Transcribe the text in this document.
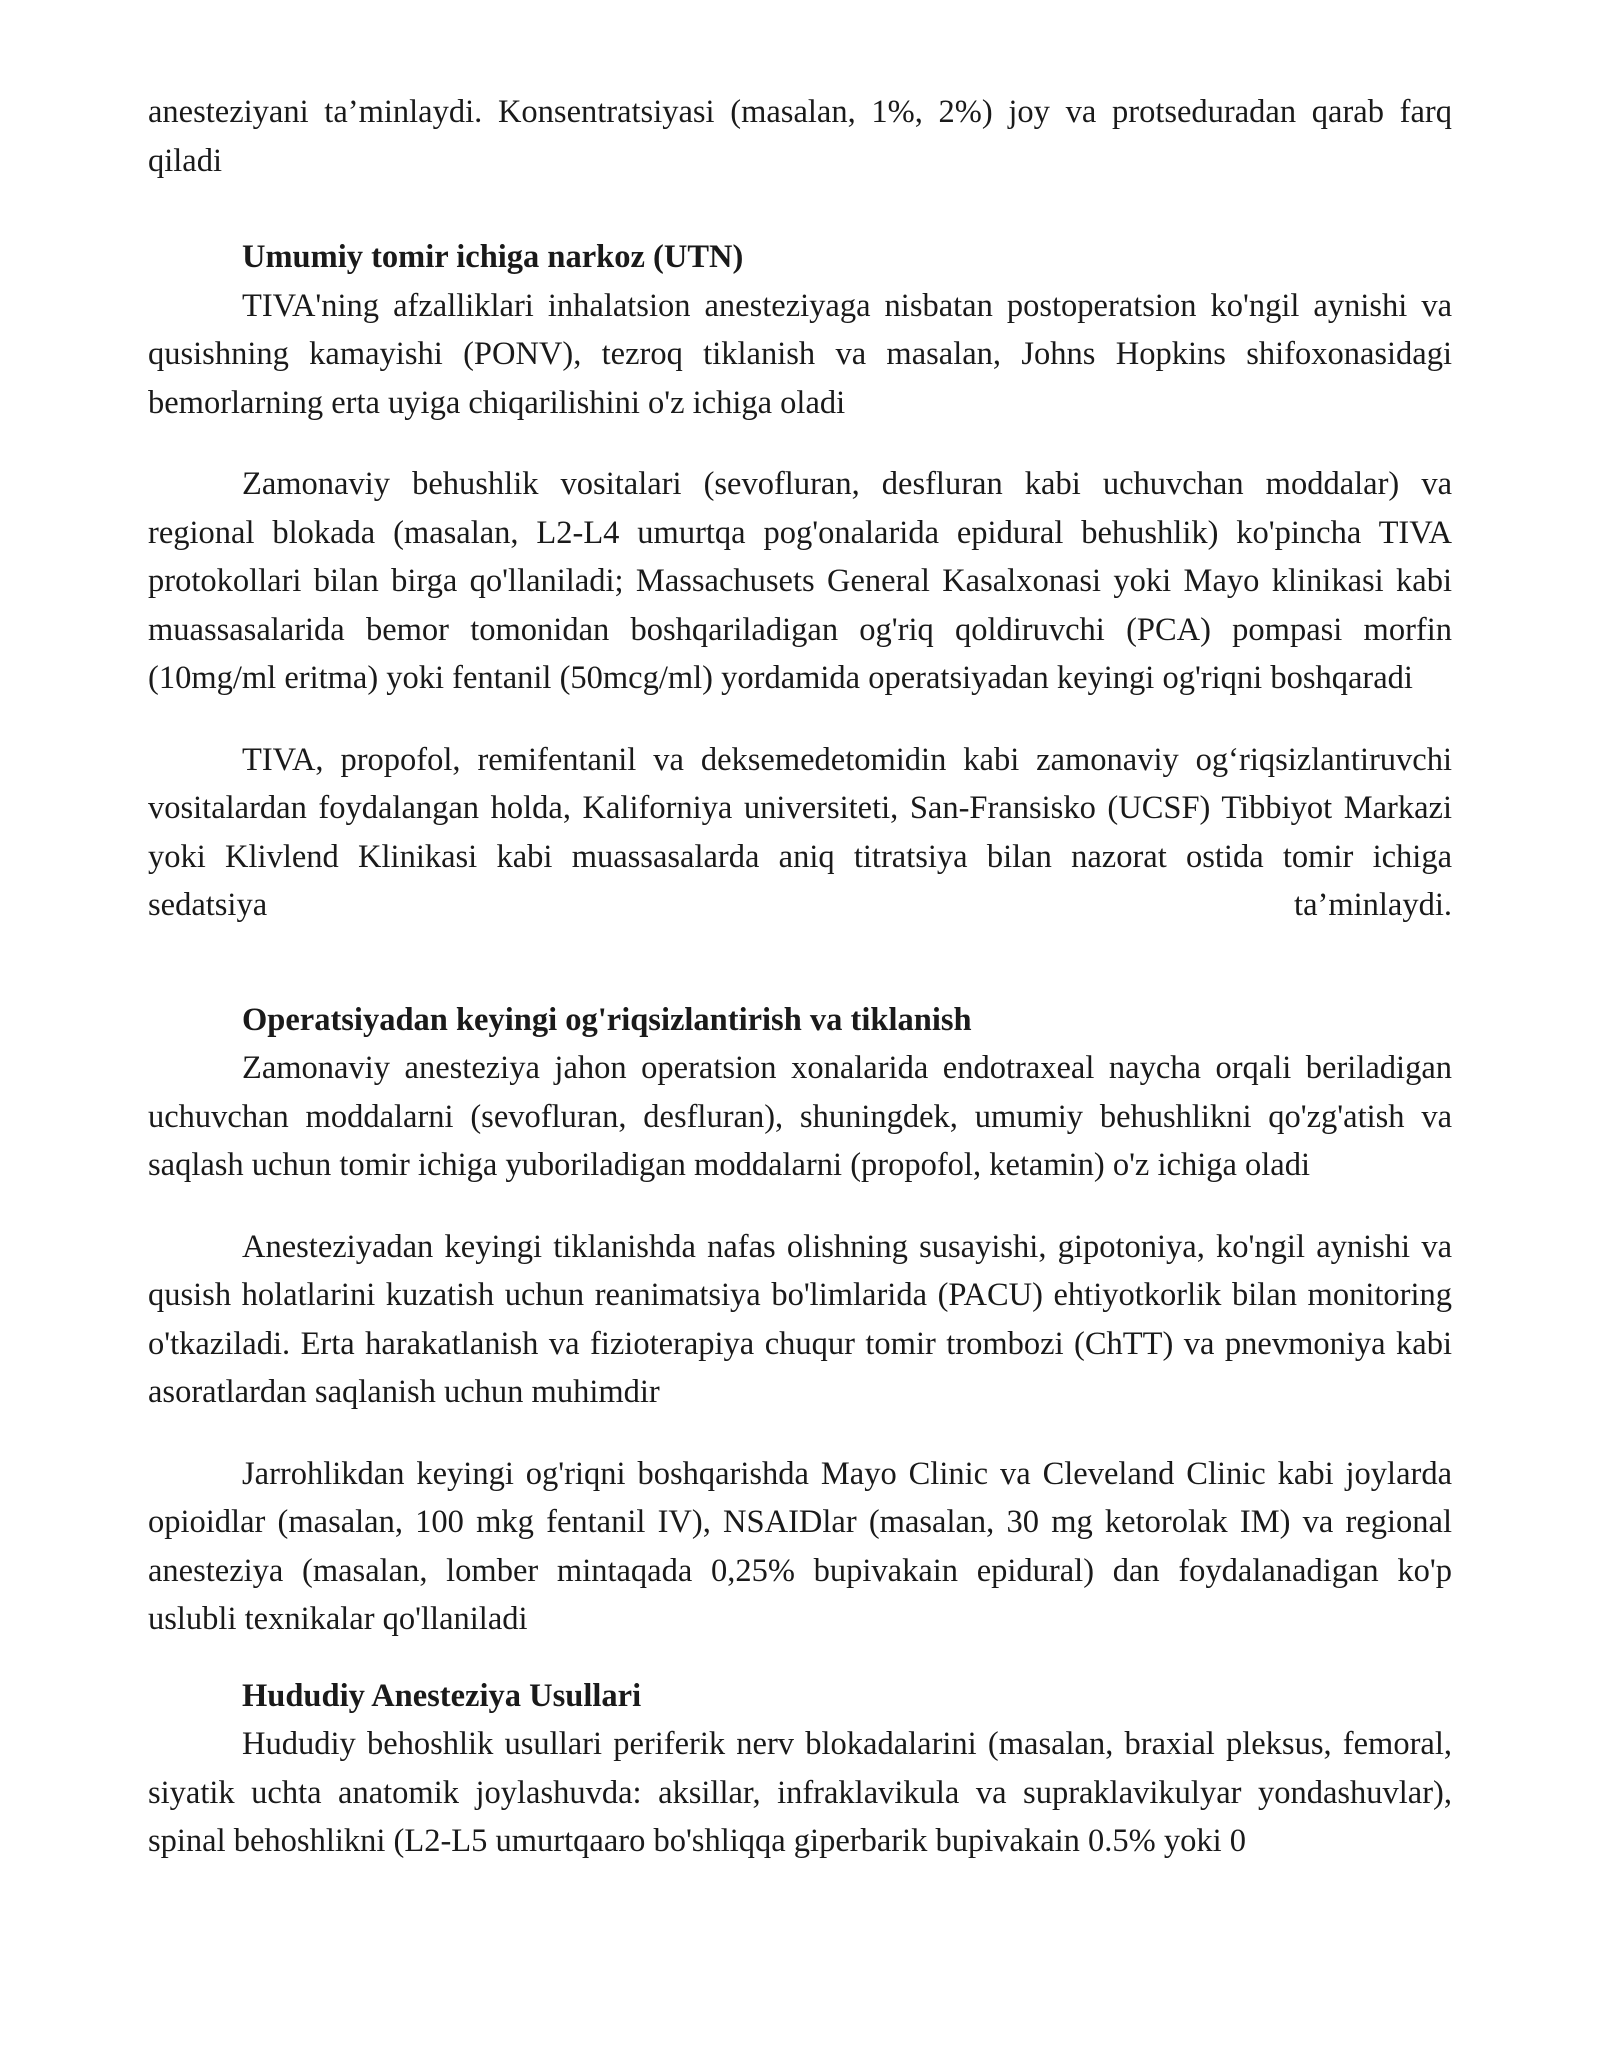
anesteziyani ta’minlaydi. Konsentratsiyasi (masalan, 1%, 2%) joy va protseduradan qarab farq qiladi

Umumiy tomir ichiga narkoz (UTN)

TIVA'ning afzalliklari inhalatsion anesteziyaga nisbatan postoperatsion ko'ngil aynishi va qusishning kamayishi (PONV), tezroq tiklanish va masalan, Johns Hopkins shifoxonasidagi bemorlarning erta uyiga chiqarilishini o'z ichiga oladi

Zamonaviy behushlik vositalari (sevofluran, desfluran kabi uchuvchan moddalar) va regional blokada (masalan, L2-L4 umurtqa pog'onalarida epidural behushlik) ko'pincha TIVA protokollari bilan birga qo'llaniladi; Massachusets General Kasalxonasi yoki Mayo klinikasi kabi muassasalarida bemor tomonidan boshqariladigan og'riq qoldiruvchi (PCA) pompasi morfin (10mg/ml eritma) yoki fentanil (50mcg/ml) yordamida operatsiyadan keyingi og'riqni boshqaradi

TIVA, propofol, remifentanil va deksemedetomidin kabi zamonaviy og‘riqsizlantiruvchi vositalardan foydalangan holda, Kaliforniya universiteti, San-Fransisko (UCSF) Tibbiyot Markazi yoki Klivlend Klinikasi kabi muassasalarda aniq titratsiya bilan nazorat ostida tomir ichiga sedatsiya ta’minlaydi.

Operatsiyadan keyingi og'riqsizlantirish va tiklanish

Zamonaviy anesteziya jahon operatsion xonalarida endotraxeal naycha orqali beriladigan uchuvchan moddalarni (sevofluran, desfluran), shuningdek, umumiy behushlikni qo'zg'atish va saqlash uchun tomir ichiga yuboriladigan moddalarni (propofol, ketamin) o'z ichiga oladi

Anesteziyadan keyingi tiklanishda nafas olishning susayishi, gipotoniya, ko'ngil aynishi va qusish holatlarini kuzatish uchun reanimatsiya bo'limlarida (PACU) ehtiyotkorlik bilan monitoring o'tkaziladi. Erta harakatlanish va fizioterapiya chuqur tomir trombozi (ChTT) va pnevmoniya kabi asoratlardan saqlanish uchun muhimdir

Jarrohlikdan keyingi og'riqni boshqarishda Mayo Clinic va Cleveland Clinic kabi joylarda opioidlar (masalan, 100 mkg fentanil IV), NSAIDlar (masalan, 30 mg ketorolak IM) va regional anesteziya (masalan, lomber mintaqada 0,25% bupivakain epidural) dan foydalanadigan ko'p uslubli texnikalar qo'llaniladi

Hududiy Anesteziya Usullari

Hududiy behoshlik usullari periferik nerv blokadalarini (masalan, braxial pleksus, femoral, siyatik uchta anatomik joylashuvda: aksillar, infraklavikula va supraklavikulyar yondashuvlar), spinal behoshlikni (L2-L5 umurtqaaro bo'shliqqa giperbarik bupivakain 0.5% yoki 0
